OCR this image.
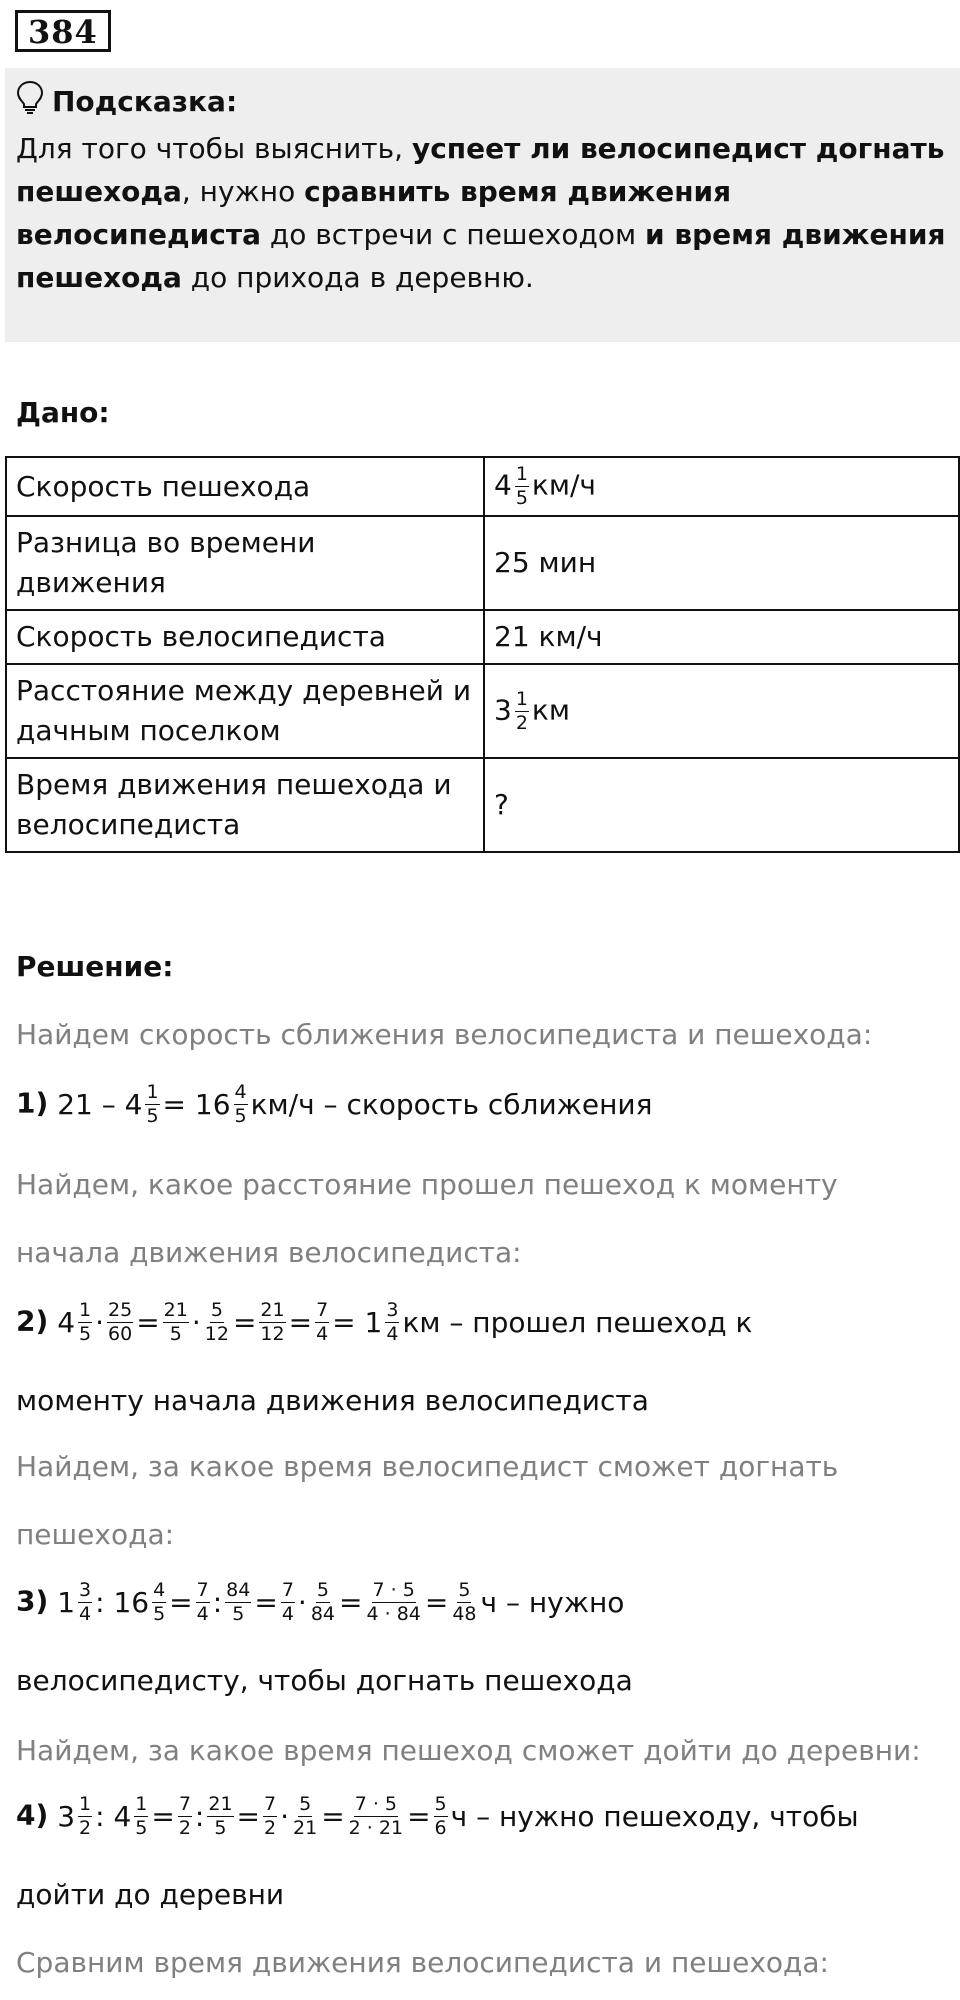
384
Подсказка:
Для того чтобы выяснить, успеет ли велосипедист догнать пешехода, нужно сравнить время движения велосипедиста до встречи с пешеходом и время движения пешехода до прихода в деревню.
Дано:
Скорость пешехода	$4 \frac{1}{5} км/ч$
Разница во времени движения	25 мин
Скорость велосипедиста	21 км/ч
Расстояние между деревней и дачным поселком	$3 \frac{1}{2}$ км
Время движения пешехода и велосипедиста	?
Решение:
Найдем скорость сближения велосипедиста и пешехода:
1) $21 - 4 \frac{1}{5} = 16 \frac{4}{5} км/ч$ – скорость сближения
Найдем, какое расстояние прошел пешеход к моменту
начала движения велосипедиста:
2) $4 \frac{1}{5} \cdot \frac{25}{60} = \frac{21}{5} \cdot \frac{5}{12} = \frac{21}{12} = \frac{7}{4} = 1 \frac{3}{4}$ км – прошел пешеход к
моменту начала движения велосипедиста
Найдем, за какое время велосипедист сможет догнать
пешехода:
3) $1 \frac{3}{4}$ : $16 \frac{4}{5} = \frac{7}{4}$ : $\frac{84}{5} = \frac{7}{4} \cdot \frac{5}{84} = \frac{7 \cdot 5}{4 \cdot 84} = \frac{5}{48}$ ч – нужно
велосипедисту, чтобы догнать пешехода
Найдем, за какое время пешеход сможет дойти до деревни:
4) $3 \frac{1}{2}$ : $4 \frac{1}{5} = \frac{7}{2}$ : $\frac{21}{5} = \frac{7}{2} \cdot \frac{5}{21} = \frac{7 \cdot 5}{2 \cdot 21} = \frac{5}{6}$ ч – нужно пешеходу, чтобы
дойти до деревни
Сравним время движения велосипедиста и пешехода:
